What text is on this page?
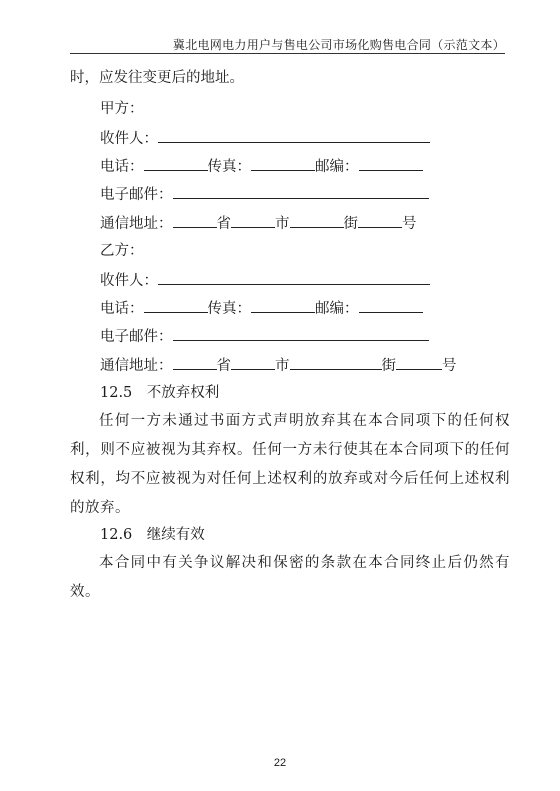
冀北电网电力用户与售电公司市场化购售电合同（示范文本）
时，应发往变更后的地址。
甲方：
收件人：
电话：	传真：	邮编：
电子邮件：
通信地址：	省	市	街	号
乙方：
收件人：
电话：	传真：	邮编：
电子邮件：
通信地址：	省	市	街	号
12.5　不放弃权利
任何一方未通过书面方式声明放弃其在本合同项下的任何权利，则不应被视为其弃权。任何一方未行使其在本合同项下的任何权利，均不应被视为对任何上述权利的放弃或对今后任何上述权利的放弃。
12.6　继续有效
本合同中有关争议解决和保密的条款在本合同终止后仍然有效。
22
